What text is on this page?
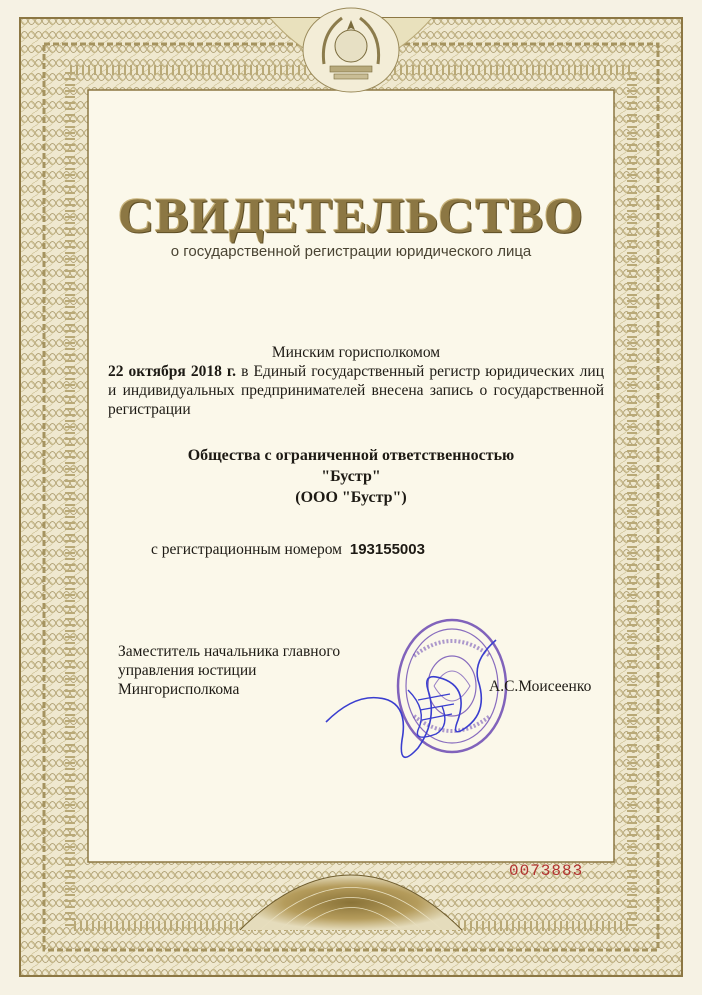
СВИДЕТЕЛЬСТВО
о государственной регистрации юридического лица
Минским горисполкомом
22 октября 2018 г. в Единый государственный регистр юридических лиц и индивидуальных предпринимателей внесена запись о государственной регистрации
Общества с ограниченной ответственностью
"Бустр"
(ООО "Бустр")
с регистрационным номером 193155003
Заместитель начальника главного
управления юстиции
Мингорисполкома	А.С.Моисеенко
0073883
